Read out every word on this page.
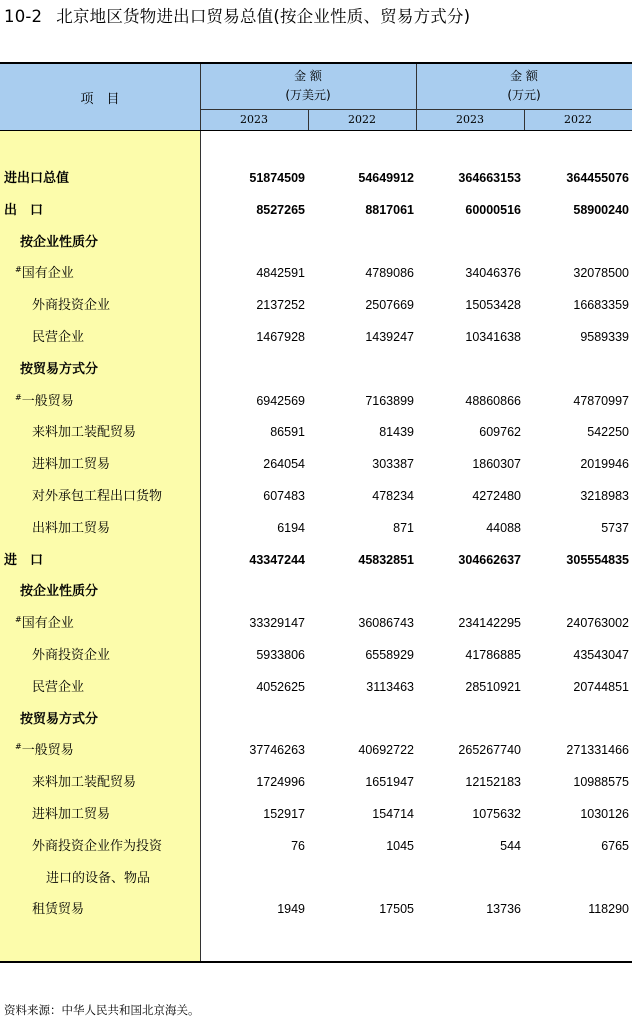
10-2 北京地区货物进出口贸易总值(按企业性质、贸易方式分)
项　目
金 额
(万美元)
金 额
(万元)
2023	2022	2023	2022
进出口总值	51874509	54649912	364663153	364455076
出　口	8527265	8817061	60000516	58900240
按企业性质分
#国有企业	4842591	4789086	34046376	32078500
外商投资企业	2137252	2507669	15053428	16683359
民营企业	1467928	1439247	10341638	9589339
按贸易方式分
#一般贸易	6942569	7163899	48860866	47870997
来料加工装配贸易	86591	81439	609762	542250
进料加工贸易	264054	303387	1860307	2019946
对外承包工程出口货物	607483	478234	4272480	3218983
出料加工贸易	6194	871	44088	5737
进　口	43347244	45832851	304662637	305554835
按企业性质分
#国有企业	33329147	36086743	234142295	240763002
外商投资企业	5933806	6558929	41786885	43543047
民营企业	4052625	3113463	28510921	20744851
按贸易方式分
#一般贸易	37746263	40692722	265267740	271331466
来料加工装配贸易	1724996	1651947	12152183	10988575
进料加工贸易	152917	154714	1075632	1030126
外商投资企业作为投资	76	1045	544	6765
进口的设备、物品
租赁贸易	1949	17505	13736	118290
资料来源：中华人民共和国北京海关。
